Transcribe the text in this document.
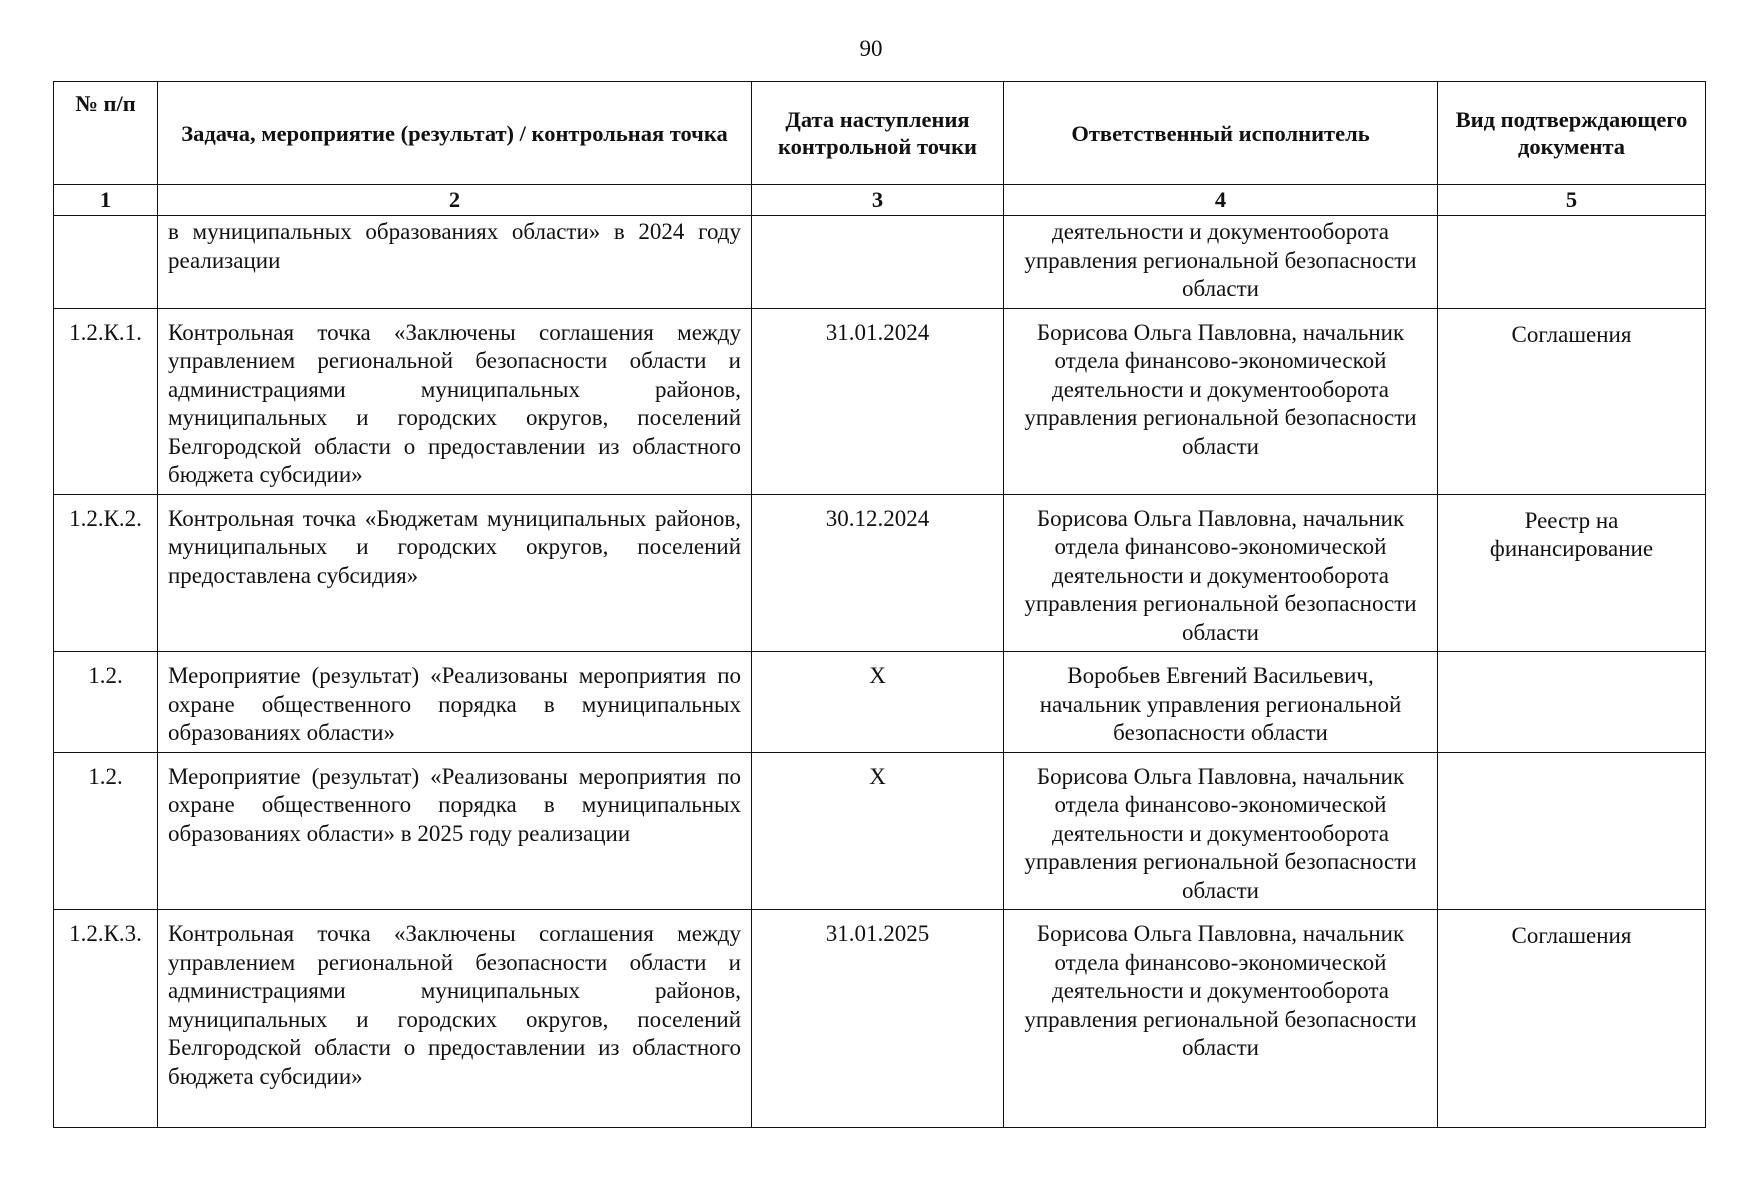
90
№ п/п	Задача, мероприятие (результат) / контрольная точка	Дата наступления контрольной точки	Ответственный исполнитель	Вид подтверждающего документа
1	2	3	4	5
	в муниципальных образованиях области» в 2024 году реализации		деятельности и документооборота управления региональной безопасности области	
1.2.К.1.	Контрольная точка «Заключены соглашения между управлением региональной безопасности области и администрациями муниципальных районов, муниципальных и городских округов, поселений Белгородской области о предоставлении из областного бюджета субсидии»	31.01.2024	Борисова Ольга Павловна, начальник отдела финансово-экономической деятельности и документооборота управления региональной безопасности области	Соглашения
1.2.К.2.	Контрольная точка «Бюджетам муниципальных районов, муниципальных и городских округов, поселений предоставлена субсидия»	30.12.2024	Борисова Ольга Павловна, начальник отдела финансово-экономической деятельности и документооборота управления региональной безопасности области	Реестр на финансирование
1.2.	Мероприятие (результат) «Реализованы мероприятия по охране общественного порядка в муниципальных образованиях области»	X	Воробьев Евгений Васильевич, начальник управления региональной безопасности области	
1.2.	Мероприятие (результат) «Реализованы мероприятия по охране общественного порядка в муниципальных образованиях области» в 2025 году реализации	X	Борисова Ольга Павловна, начальник отдела финансово-экономической деятельности и документооборота управления региональной безопасности области	
1.2.К.3.	Контрольная точка «Заключены соглашения между управлением региональной безопасности области и администрациями муниципальных районов, муниципальных и городских округов, поселений Белгородской области о предоставлении из областного бюджета субсидии»	31.01.2025	Борисова Ольга Павловна, начальник отдела финансово-экономической деятельности и документооборота управления региональной безопасности области	Соглашения
